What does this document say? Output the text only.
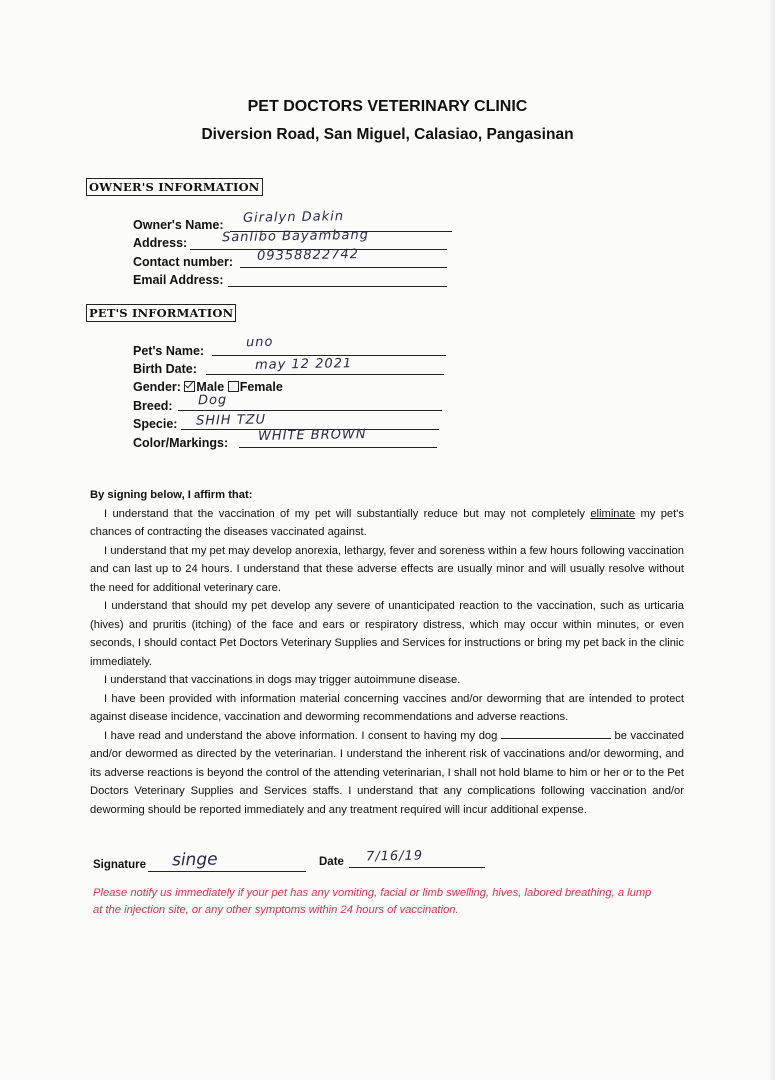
PET DOCTORS VETERINARY CLINIC
Diversion Road, San Miguel, Calasiao, Pangasinan
OWNER'S INFORMATION
Owner's Name: Giralyn Dakin
Address:	Sanlibo Bayambang
Contact number: 09358822742
Email Address:
PET'S INFORMATION
Pet's Name:
uno
Birth Date:	may 12 2021
Gender: Male Female
Breed: Dog
Specie: SHIH TZU
Color/Markings: WHITE BROWN

By signing below, I affirm that:

I understand that the vaccination of my pet will substantially reduce but may not completely eliminate my pet's chances of contracting the diseases vaccinated against.

I understand that my pet may develop anorexia, lethargy, fever and soreness within a few hours following vaccination and can last up to 24 hours. I understand that these adverse effects are usually minor and will usually resolve without the need for additional veterinary care.

I understand that should my pet develop any severe of unanticipated reaction to the vaccination, such as urticaria (hives) and pruritis (itching) of the face and ears or respiratory distress, which may occur within minutes, or even seconds, I should contact Pet Doctors Veterinary Supplies and Services for instructions or bring my pet back in the clinic immediately.

I understand that vaccinations in dogs may trigger autoimmune disease.

I have been provided with information material concerning vaccines and/or deworming that are intended to protect against disease incidence, vaccination and deworming recommendations and adverse reactions.

I have read and understand the above information. I consent to having my dog	be vaccinated and/or dewormed as directed by the veterinarian. I understand the inherent risk of vaccinations and/or deworming, and its adverse reactions is beyond the control of the attending veterinarian, I shall not hold blame to him or her or to the Pet Doctors Veterinary Supplies and Services staffs. I understand that any complications following vaccination and/or deworming should be reported immediately and any treatment required will incur additional expense.

Signature singe	Date 7/16/19
Please notify us immediately if your pet has any vomiting, facial or limb swelling, hives, labored breathing, a lump at the injection site, or any other symptoms within 24 hours of vaccination.
